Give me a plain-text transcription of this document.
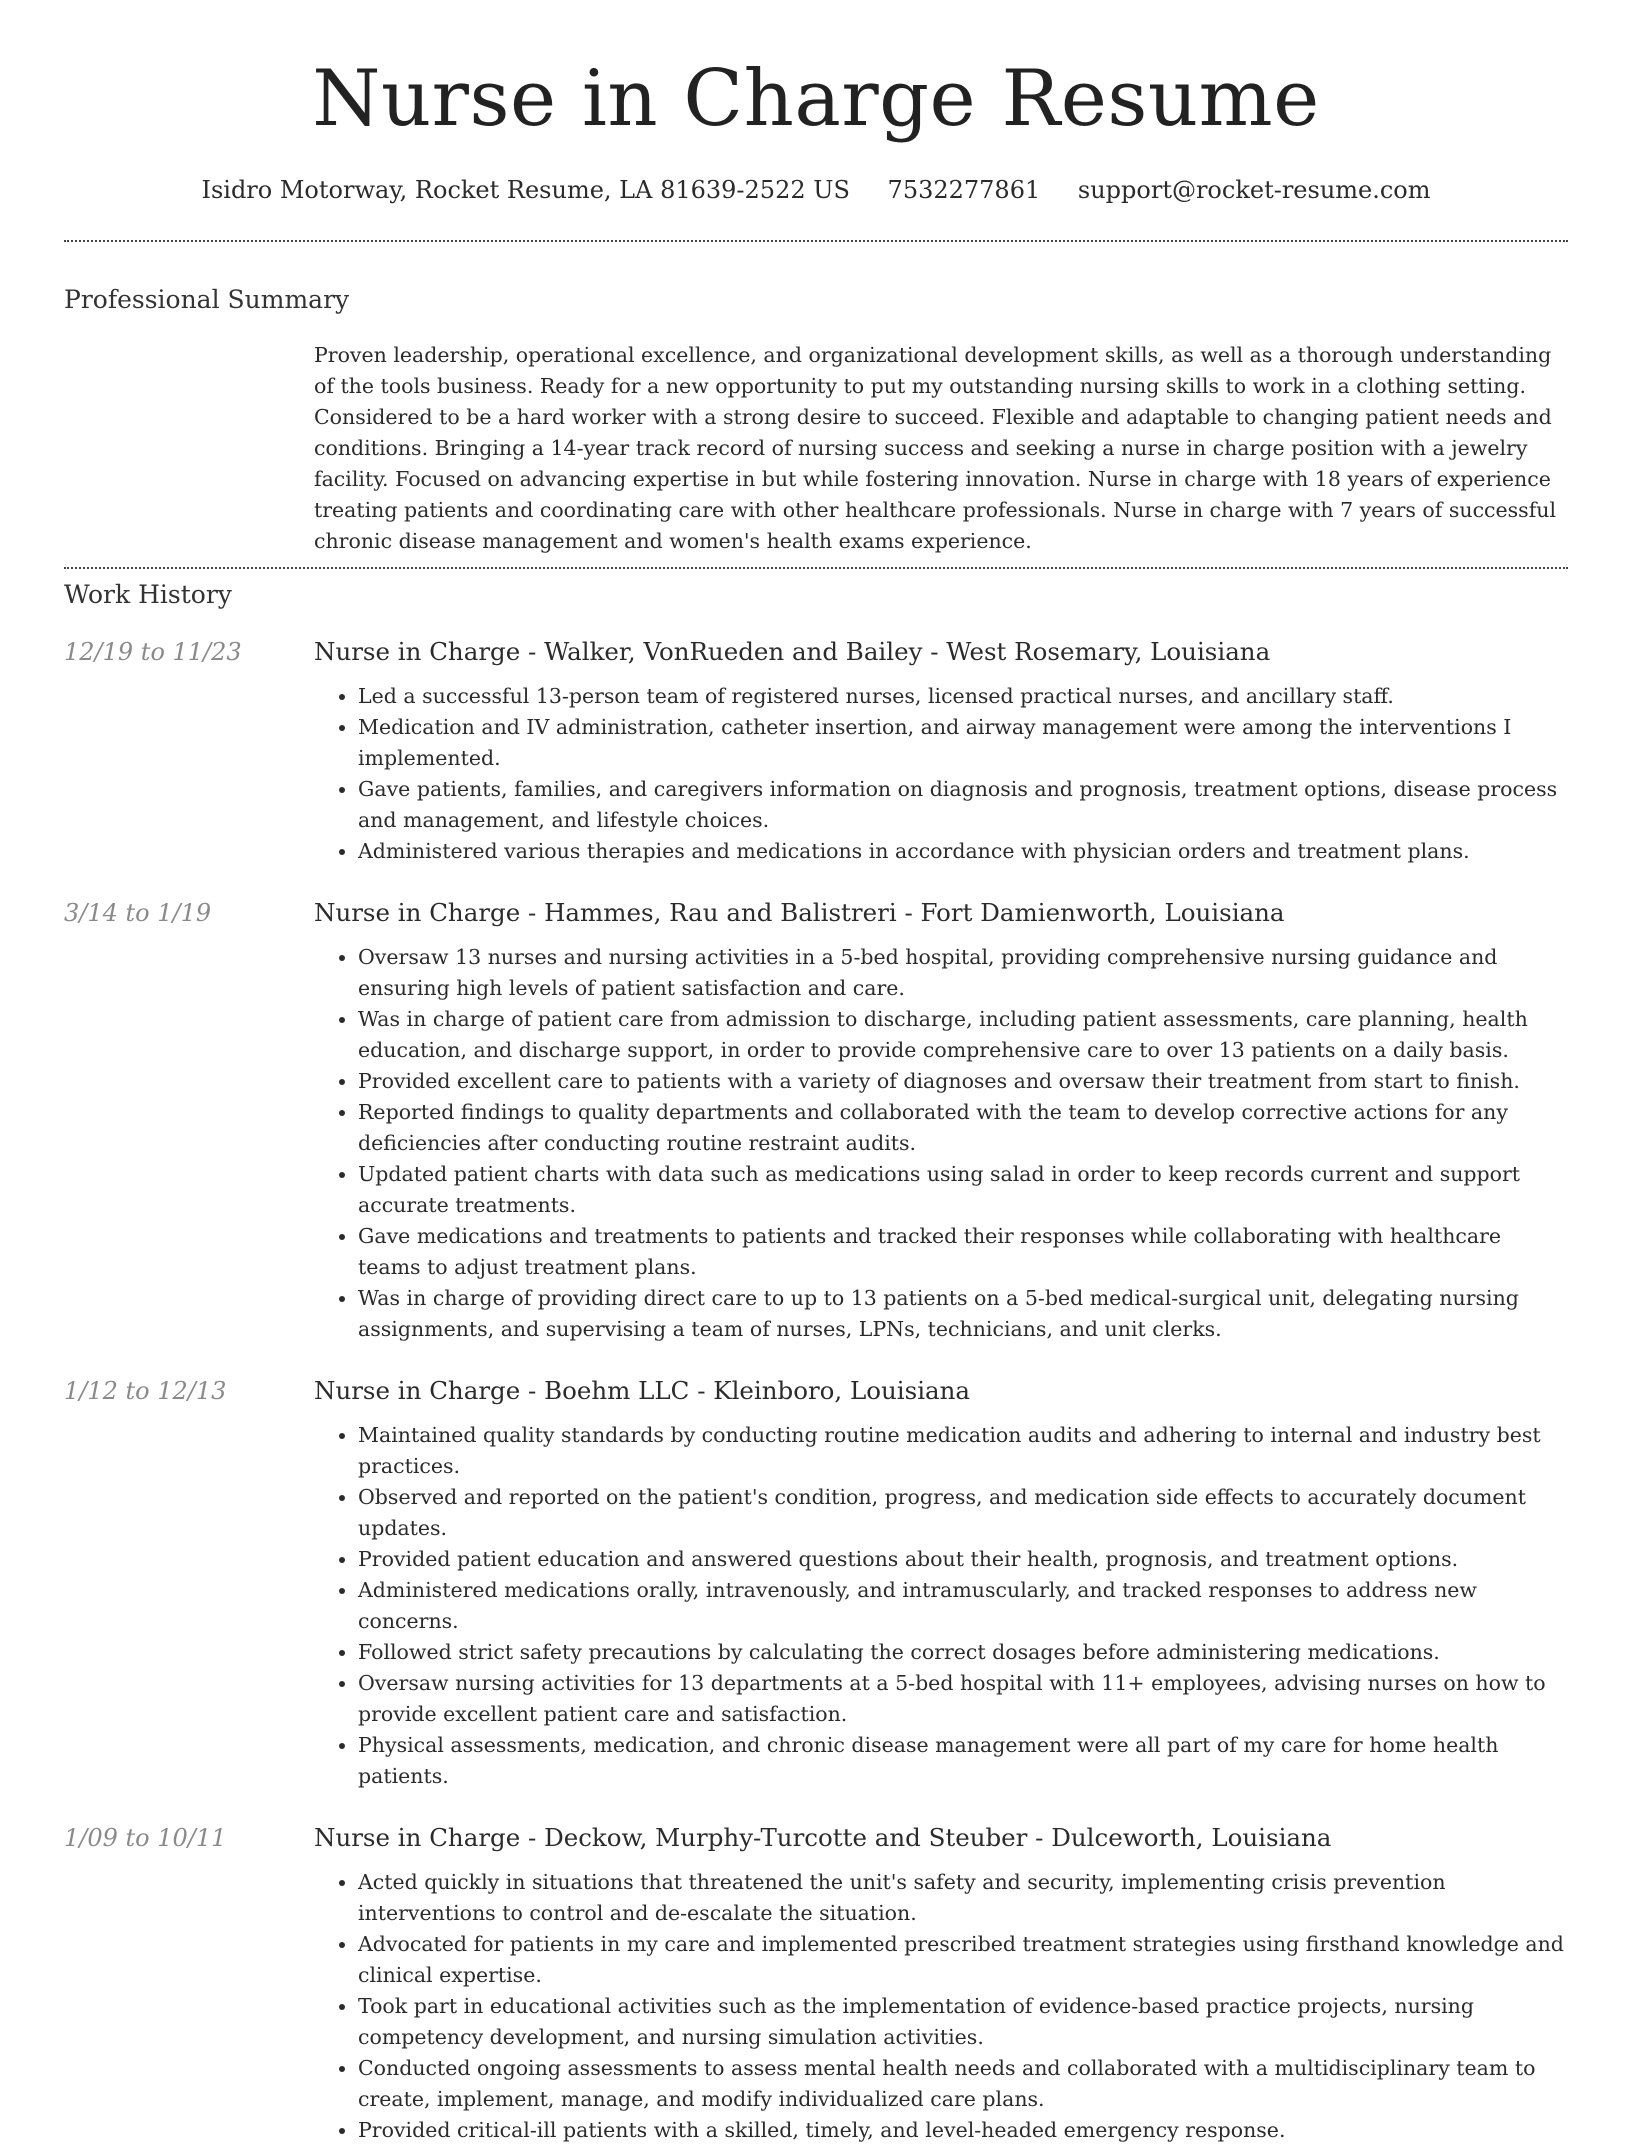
Nurse in Charge Resume
Isidro Motorway, Rocket Resume, LA 81639-2522 US 7532277861 support@rocket-resume.com
Professional Summary

Proven leadership, operational excellence, and organizational development skills, as well as a thorough understanding of the tools business. Ready for a new opportunity to put my outstanding nursing skills to work in a clothing setting. Considered to be a hard worker with a strong desire to succeed. Flexible and adaptable to changing patient needs and conditions. Bringing a 14-year track record of nursing success and seeking a nurse in charge position with a jewelry facility. Focused on advancing expertise in but while fostering innovation. Nurse in charge with 18 years of experience treating patients and coordinating care with other healthcare professionals. Nurse in charge with 7 years of successful chronic disease management and women's health exams experience.

Work History
12/19 to 11/23	Nurse in Charge - Walker, VonRueden and Bailey - West Rosemary, Louisiana
• Led a successful 13-person team of registered nurses, licensed practical nurses, and ancillary staff.
• Medication and IV administration, catheter insertion, and airway management were among the interventions I implemented.
• Gave patients, families, and caregivers information on diagnosis and prognosis, treatment options, disease process and management, and lifestyle choices.
• Administered various therapies and medications in accordance with physician orders and treatment plans.
3/14 to 1/19	Nurse in Charge - Hammes, Rau and Balistreri - Fort Damienworth, Louisiana
• Oversaw 13 nurses and nursing activities in a 5-bed hospital, providing comprehensive nursing guidance and ensuring high levels of patient satisfaction and care.
• Was in charge of patient care from admission to discharge, including patient assessments, care planning, health education, and discharge support, in order to provide comprehensive care to over 13 patients on a daily basis.
• Provided excellent care to patients with a variety of diagnoses and oversaw their treatment from start to finish.
• Reported findings to quality departments and collaborated with the team to develop corrective actions for any deficiencies after conducting routine restraint audits.
• Updated patient charts with data such as medications using salad in order to keep records current and support accurate treatments.
• Gave medications and treatments to patients and tracked their responses while collaborating with healthcare teams to adjust treatment plans.
• Was in charge of providing direct care to up to 13 patients on a 5-bed medical-surgical unit, delegating nursing assignments, and supervising a team of nurses, LPNs, technicians, and unit clerks.
1/12 to 12/13	Nurse in Charge - Boehm LLC - Kleinboro, Louisiana
• Maintained quality standards by conducting routine medication audits and adhering to internal and industry best practices.
• Observed and reported on the patient's condition, progress, and medication side effects to accurately document updates.
• Provided patient education and answered questions about their health, prognosis, and treatment options.
• Administered medications orally, intravenously, and intramuscularly, and tracked responses to address new concerns.
• Followed strict safety precautions by calculating the correct dosages before administering medications.
• Oversaw nursing activities for 13 departments at a 5-bed hospital with 11+ employees, advising nurses on how to provide excellent patient care and satisfaction.
• Physical assessments, medication, and chronic disease management were all part of my care for home health patients.
1/09 to 10/11	Nurse in Charge - Deckow, Murphy-Turcotte and Steuber - Dulceworth, Louisiana
• Acted quickly in situations that threatened the unit's safety and security, implementing crisis prevention interventions to control and de-escalate the situation.
• Advocated for patients in my care and implemented prescribed treatment strategies using firsthand knowledge and clinical expertise.
• Took part in educational activities such as the implementation of evidence-based practice projects, nursing competency development, and nursing simulation activities.
• Conducted ongoing assessments to assess mental health needs and collaborated with a multidisciplinary team to create, implement, manage, and modify individualized care plans.
• Provided critical-ill patients with a skilled, timely, and level-headed emergency response.
